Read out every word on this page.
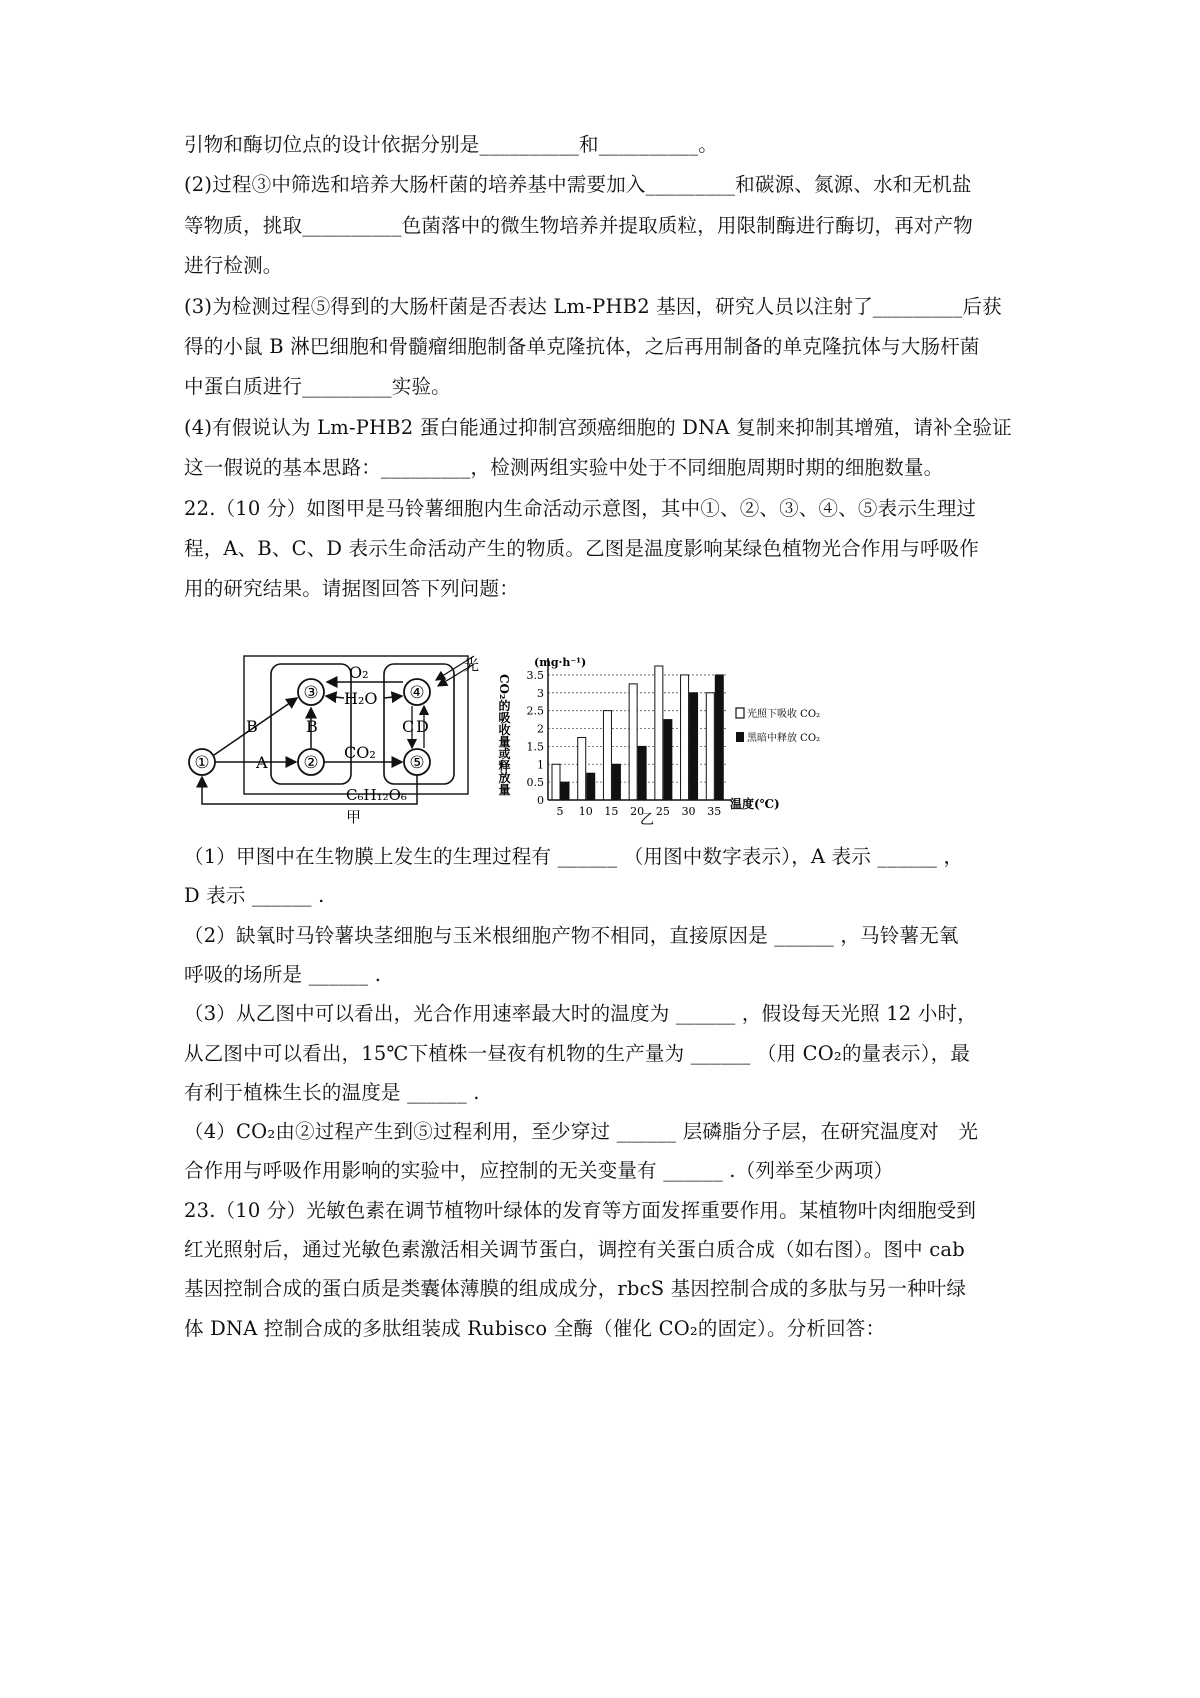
引物和酶切位点的设计依据分别是__________和__________。
(2)过程③中筛选和培养大肠杆菌的培养基中需要加入_________和碳源、氮源、水和无机盐
等物质，挑取__________色菌落中的微生物培养并提取质粒，用限制酶进行酶切，再对产物
进行检测。
(3)为检测过程⑤得到的大肠杆菌是否表达 Lm-PHB2 基因，研究人员以注射了_________后获
得的小鼠 B 淋巴细胞和骨髓瘤细胞制备单克隆抗体，之后再用制备的单克隆抗体与大肠杆菌
中蛋白质进行_________实验。
(4)有假说认为 Lm-PHB2 蛋白能通过抑制宫颈癌细胞的 DNA 复制来抑制其增殖，请补全验证
这一假说的基本思路：_________，检测两组实验中处于不同细胞周期时期的细胞数量。
22.（10 分）如图甲是马铃薯细胞内生命活动示意图，其中①、②、③、④、⑤表示生理过
程，A、B、C、D 表示生命活动产生的物质。乙图是温度影响某绿色植物光合作用与呼吸作
用的研究结果。请据图回答下列问题：
①	②
③	④
⑤
A
B	B
O₂
H₂O
CO₂
C D
光
C₆H₁₂O₆
甲
0
0.5
1
1.5
2
2.5
3
3.5
5 10 15 20 25 30 35
(mg·h⁻¹)
CO₂的吸收量或释放量
温度(℃)
乙
光照下吸收 CO₂
黑暗中释放 CO₂
（1）甲图中在生物膜上发生的生理过程有 ______ （用图中数字表示），A 表示 ______ ，
D 表示 ______ .
（2）缺氧时马铃薯块茎细胞与玉米根细胞产物不相同，直接原因是 ______ ，马铃薯无氧
呼吸的场所是 ______ .
（3）从乙图中可以看出，光合作用速率最大时的温度为 ______ ，假设每天光照 12 小时，
从乙图中可以看出，15℃下植株一昼夜有机物的生产量为 ______ （用 CO₂的量表示），最
有利于植株生长的温度是 ______ .
（4）CO₂由②过程产生到⑤过程利用，至少穿过 ______ 层磷脂分子层，在研究温度对　光
合作用与呼吸作用影响的实验中，应控制的无关变量有 ______ .（列举至少两项）
23.（10 分）光敏色素在调节植物叶绿体的发育等方面发挥重要作用。某植物叶肉细胞受到
红光照射后，通过光敏色素激活相关调节蛋白，调控有关蛋白质合成（如右图）。图中 cab
基因控制合成的蛋白质是类囊体薄膜的组成成分，rbcS 基因控制合成的多肽与另一种叶绿
体 DNA 控制合成的多肽组装成 Rubisco 全酶（催化 CO₂的固定）。分析回答：
